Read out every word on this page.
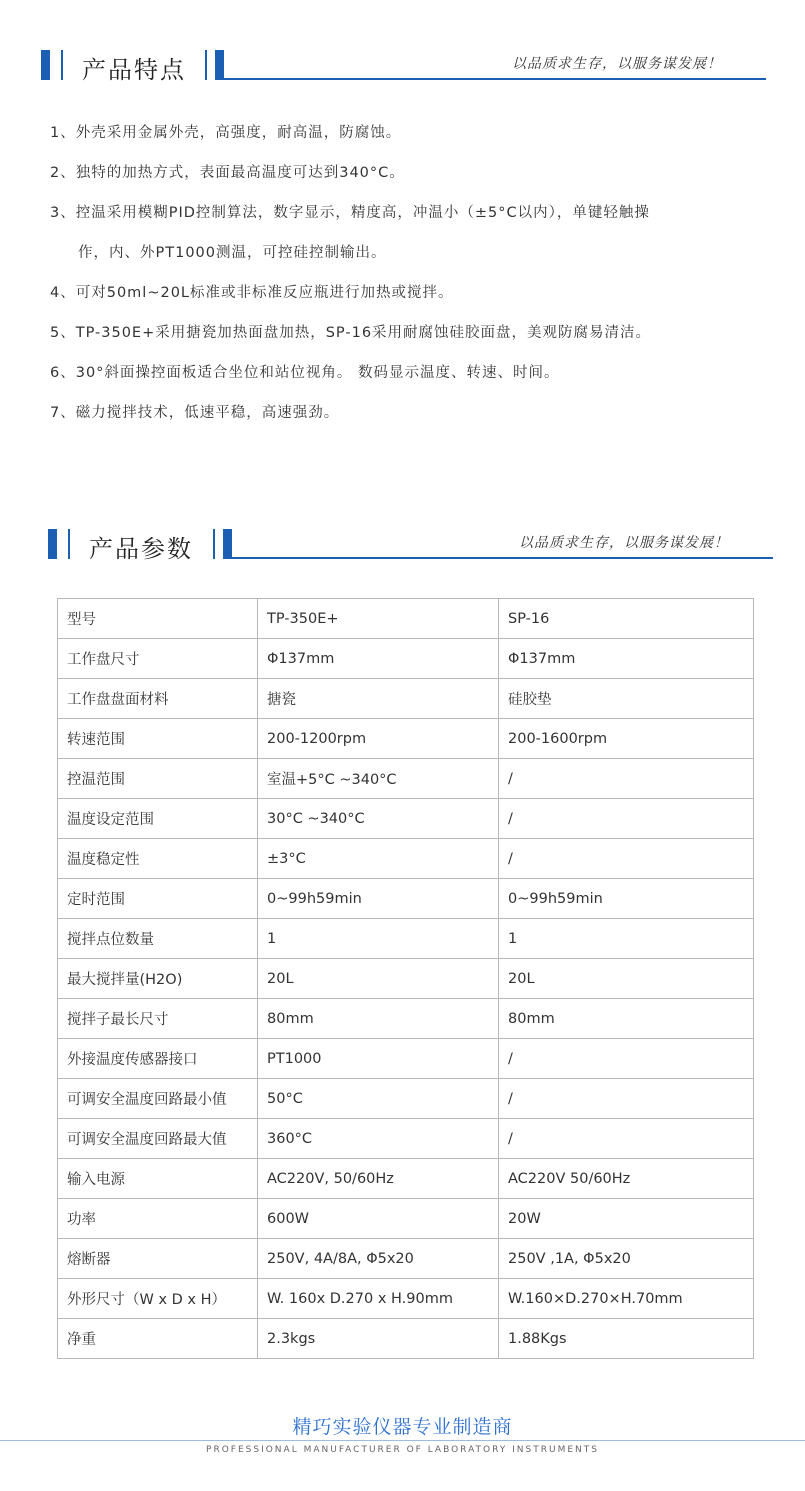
产品特点	以品质求生存，以服务谋发展！
1、外壳采用金属外壳，高强度，耐高温，防腐蚀。
2、独特的加热方式，表面最高温度可达到340°C。
3、控温采用模糊PID控制算法，数字显示，精度高，冲温小（±5°C以内），单键轻触操
作，内、外PT1000测温，可控硅控制输出。
4、可对50ml~20L标准或非标准反应瓶进行加热或搅拌。
5、TP-350E+采用搪瓷加热面盘加热，SP-16采用耐腐蚀硅胶面盘，美观防腐易清洁。
6、30°斜面操控面板适合坐位和站位视角。 数码显示温度、转速、时间。
7、磁力搅拌技术，低速平稳，高速强劲。
产品参数	以品质求生存，以服务谋发展！
型号	TP-350E+	SP-16
工作盘尺寸	Φ137mm	Φ137mm
工作盘盘面材料	搪瓷	硅胶垫
转速范围	200-1200rpm	200-1600rpm
控温范围	室温+5°C ~340°C	/
温度设定范围	30°C ~340°C	/
温度稳定性	±3°C	/
定时范围	0~99h59min	0~99h59min
搅拌点位数量	1	1
最大搅拌量(H2O)	20L	20L
搅拌子最长尺寸	80mm	80mm
外接温度传感器接口	PT1000	/
可调安全温度回路最小值	50°C	/
可调安全温度回路最大值	360°C	/
输入电源	AC220V, 50/60Hz	AC220V 50/60Hz
功率	600W	20W
熔断器	250V, 4A/8A, Φ5x20	250V ,1A, Φ5x20
外形尺寸（W x D x H）	W. 160x D.270 x H.90mm	W.160×D.270×H.70mm
净重	2.3kgs	1.88Kgs
精巧实验仪器专业制造商
PROFESSIONAL MANUFACTURER OF LABORATORY INSTRUMENTS
